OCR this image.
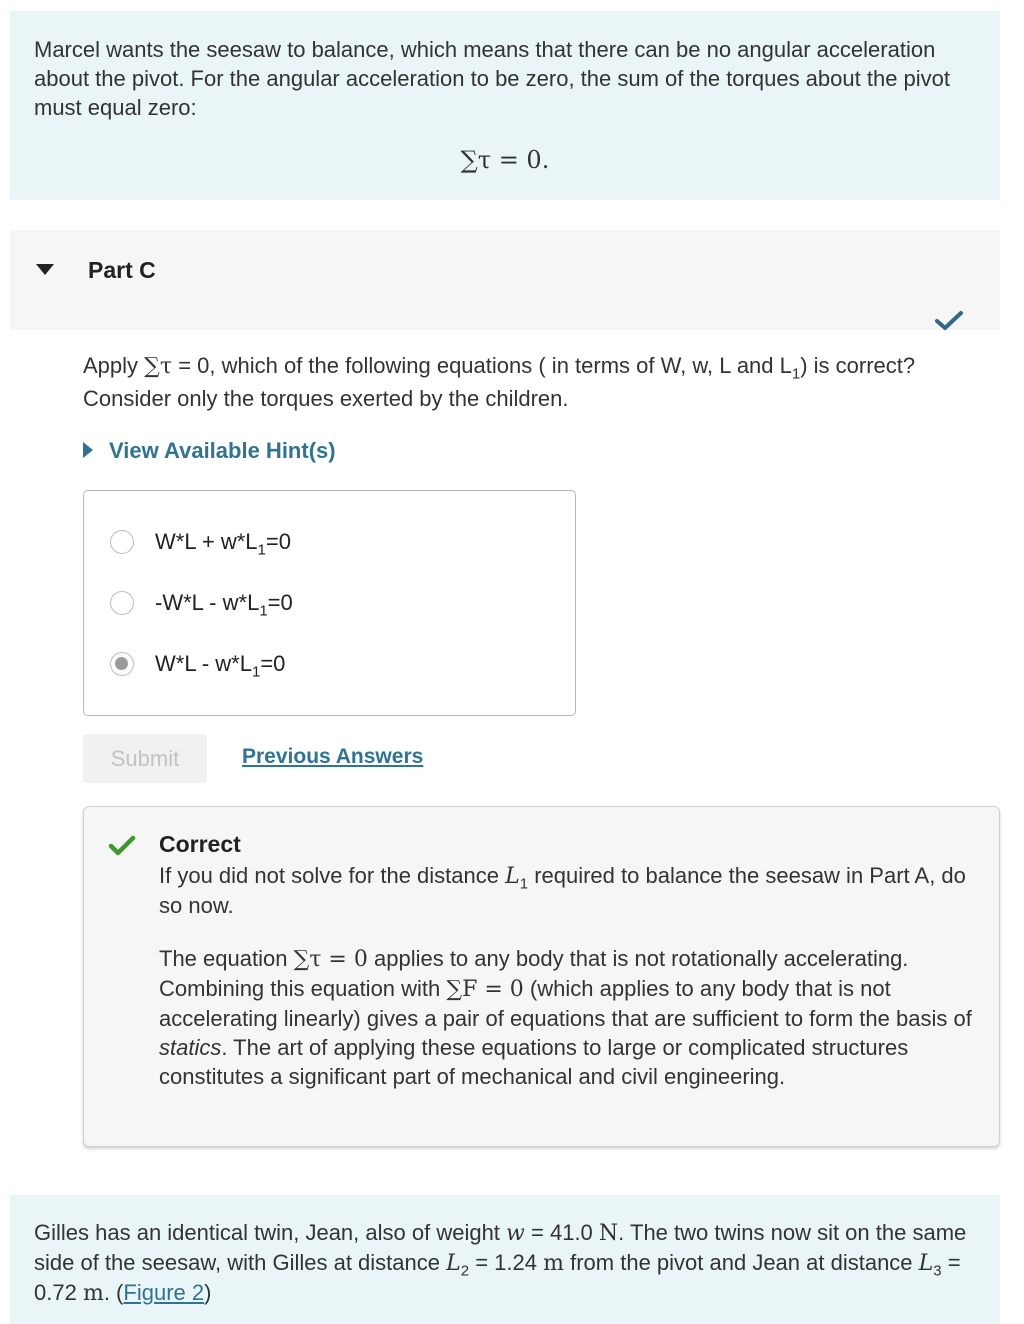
Marcel wants the seesaw to balance, which means that there can be no angular acceleration about the pivot. For the angular acceleration to be zero, the sum of the torques about the pivot must equal zero:
∑τ = 0.
Part C
Apply ∑τ = 0, which of the following equations ( in terms of W, w, L and $L_1$) is correct? Consider only the torques exerted by the children.
View Available Hint(s)
$W*L + w*L_1=0$
$-W*L - w*L_1=0$
$W*L - w*L_1=0$
Submit	Previous Answers
Correct
If you did not solve for the distance $L_1$ required to balance the seesaw in Part A, do so now.
The equation ∑τ = 0 applies to any body that is not rotationally accelerating. Combining this equation with ∑F = 0 (which applies to any body that is not accelerating linearly) gives a pair of equations that are sufficient to form the basis of statics. The art of applying these equations to large or complicated structures constitutes a significant part of mechanical and civil engineering.
Gilles has an identical twin, Jean, also of weight w = 41.0 N. The two twins now sit on the same side of the seesaw, with Gilles at distance $L_2 = 1.24$ m from the pivot and Jean at distance $L_3 = 0.72$ m. (Figure 2)
